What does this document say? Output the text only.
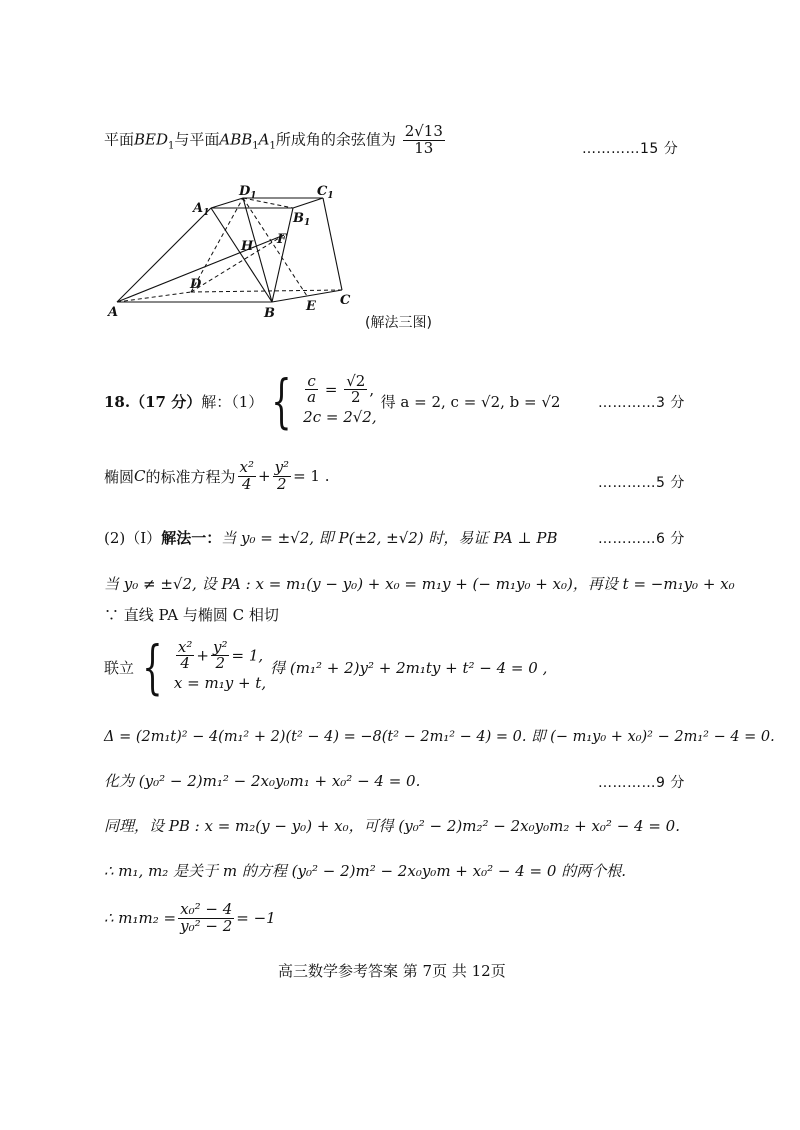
平面$BED_1$与平面$ABB_1A_1$所成角的余弦值为 $\frac{2√13}{13}$	…………15 分
$A_1$
$D_1$	$C_1$
$B_1$
H F
D
A	B E C
(解法三图)
18.（17 分） 解：（1） { $\frac{c}{a} = \frac{√2}{2}$ ,
2c = 2√2,
得 a = 2, c = √2, b = √2	…………3 分
椭圆 C 的标准方程为 $\frac{\text{x²}}{4} + \frac{\text{y²}}{2} = 1$ .	…………5 分
(2)（Ⅰ）解法一：当 y₀ = ±√2, 即 P(±2, ±√2) 时，易证 PA ⊥ PB	…………6 分
当 y₀ ≠ ±√2, 设 PA : x = m₁(y − y₀) + x₀ = m₁y + (− m₁y₀ + x₀)，再设 t = −m₁y₀ + x₀
∵ 直线 PA 与椭圆 C 相切
联立 { $\frac{\text{x²}}{4} + \frac{\text{y²}}{2} = 1$,
x = m₁y + t,
得 (m₁² + 2)y² + 2m₁ty + t² − 4 = 0 ,
Δ = (2m₁t)² − 4(m₁² + 2)(t² − 4) = −8(t² − 2m₁² − 4) = 0. 即 (− m₁y₀ + x₀)² − 2m₁² − 4 = 0.
化为 (y₀² − 2)m₁² − 2x₀y₀m₁ + x₀² − 4 = 0.	…………9 分
同理，设 PB : x = m₂(y − y₀) + x₀，可得 (y₀² − 2)m₂² − 2x₀y₀m₂ + x₀² − 4 = 0.
∴ m₁, m₂ 是关于 m 的方程 (y₀² − 2)m² − 2x₀y₀m + x₀² − 4 = 0 的两个根.
∴ $m_1m_2 = \frac{\text{x₀² − 4}}{\text{y₀² − 2}} = -1$
高三数学参考答案 第 7页 共 12页
